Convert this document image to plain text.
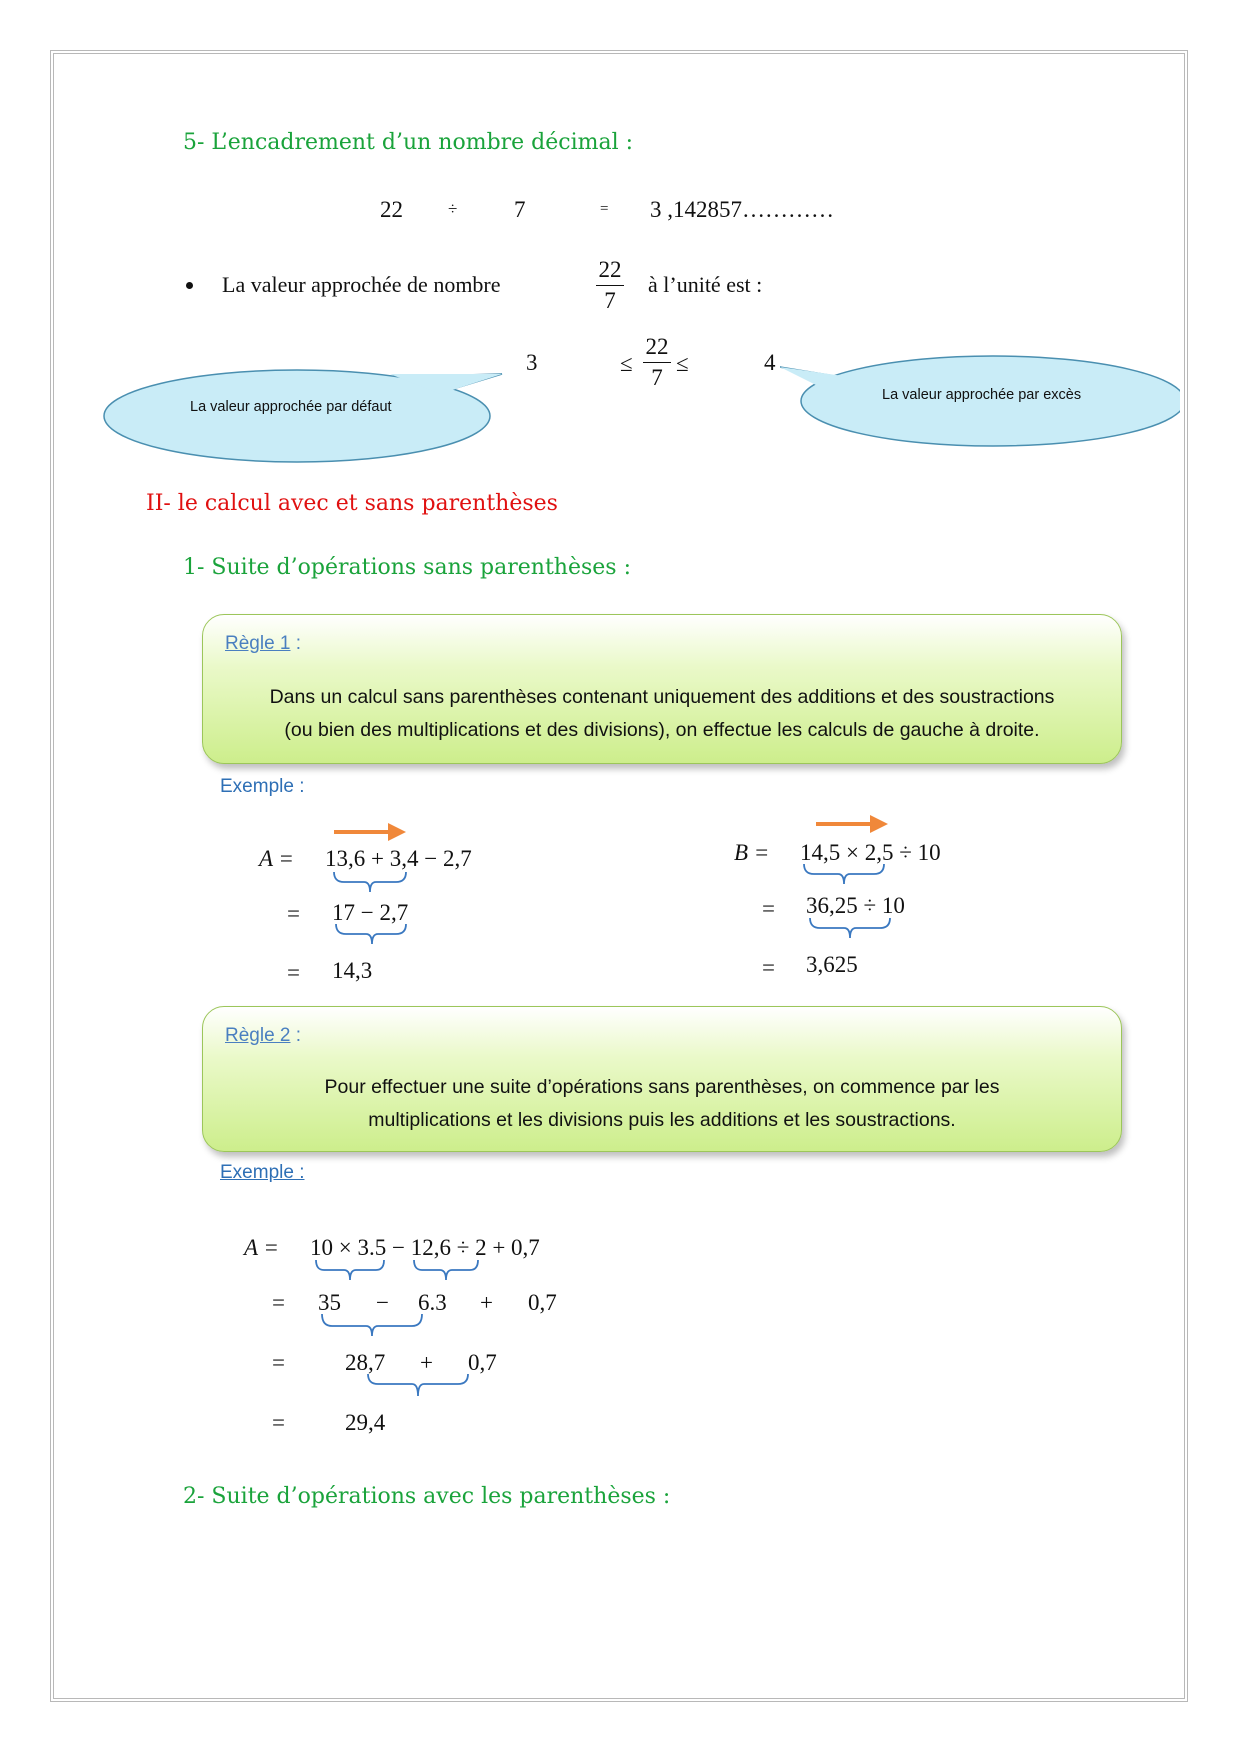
5- L’encadrement d’un nombre décimal :
22	÷ 7	= 3 ,142857…………
La valeur approchée de nombre
22
7
à l’unité est :
3	≤
22
7
≤	4
La valeur approchée par défaut
La valeur approchée par excès
II- le calcul avec et sans parenthèses
1- Suite d’opérations sans parenthèses :
Règle 1 :
Dans un calcul sans parenthèses contenant uniquement des additions et des soustractions
(ou bien des multiplications et des divisions), on effectue les calculs de gauche à droite.
Exemple :
A = 13,6 + 3,4 − 2,7
= 17 − 2,7
= 14,3
B = 14,5 × 2,5 ÷ 10
= 36,25 ÷ 10
= 3,625
Règle 2 :
Pour effectuer une suite d’opérations sans parenthèses, on commence par les
multiplications et les divisions puis les additions et les soustractions.
Exemple :
A = 10 × 3.5 − 12,6 ÷ 2 + 0,7
= 35 − 6.3 + 0,7
=	28,7 + 0,7
=	29,4
2- Suite d’opérations avec les parenthèses :
